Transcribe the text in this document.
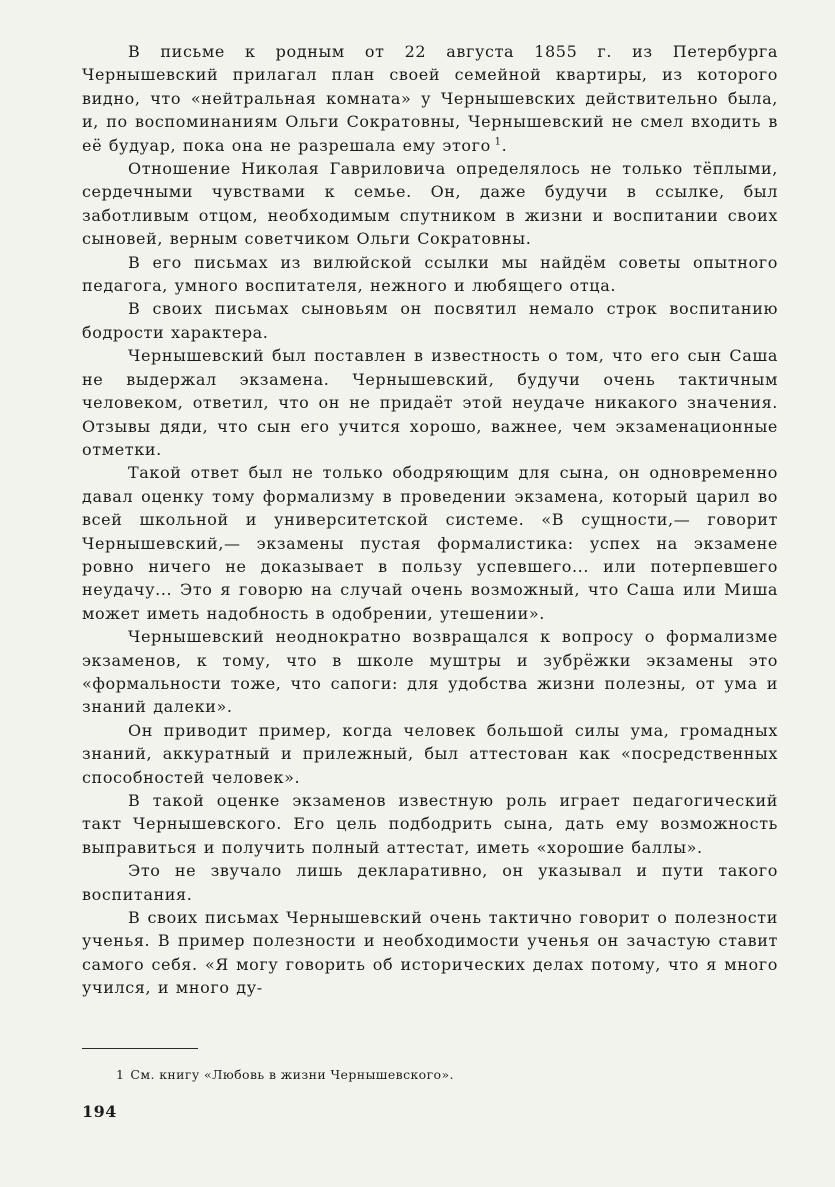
В письме к родным от 22 августа 1855 г. из Петербурга Чернышевский прилагал план своей семейной квартиры, из которого видно, что «нейтральная комната» у Чернышевских действительно была, и, по воспоминаниям Ольги Сократовны, Чернышевский не смел входить в её будуар, пока она не разрешала ему этого  $^1$.

Отношение Николая Гавриловича определялось не только тёплыми, сердечными чувствами к семье. Он, даже будучи в ссылке, был заботливым отцом, необходимым спутником в жизни и воспитании своих сыновей, верным советчиком Ольги Сократовны.

В его письмах из вилюйской ссылки мы найдём советы опытного педагога, умного воспитателя, нежного и любящего отца.

В своих письмах сыновьям он посвятил немало строк воспитанию бодрости характера.

Чернышевский был поставлен в известность о том, что его сын Саша не выдержал экзамена. Чернышевский, будучи очень тактичным человеком, ответил, что он не придаёт этой неудаче никакого значения. Отзывы дяди, что сын его учится хорошо, важнее, чем экзаменационные отметки.

Такой ответ был не только ободряющим для сына, он одновременно давал оценку тому формализму в проведении экзамена, который царил во всей школьной и университетской системе. «В сущности,— говорит Чернышевский,— экзамены пустая формалистика: успех на экзамене ровно ничего не доказывает в пользу успевшего... или потерпевшего неудачу... Это я говорю на случай очень возможный, что Саша или Миша может иметь надобность в одобрении, утешении».

Чернышевский неоднократно возвращался к вопросу о формализме экзаменов, к тому, что в школе муштры и зубрёжки экзамены это «формальности тоже, что сапоги: для удобства жизни полезны, от ума и знаний далеки».

Он приводит пример, когда человек большой силы ума, громадных знаний, аккуратный и прилежный, был аттестован как «посредственных способностей человек».

В такой оценке экзаменов известную роль играет педагогический такт Чернышевского. Его цель подбодрить сына, дать ему возможность выправиться и получить полный аттестат, иметь «хорошие баллы».

Это не звучало лишь декларативно, он указывал и пути такого воспитания.

В своих письмах Чернышевский очень тактично говорит о полезности ученья. В пример полезности и необходимости ученья он зачастую ставит самого себя. «Я могу говорить об исторических делах потому, что я много учился, и много ду-

1 См. книгу «Любовь в жизни Чернышевского».
194
